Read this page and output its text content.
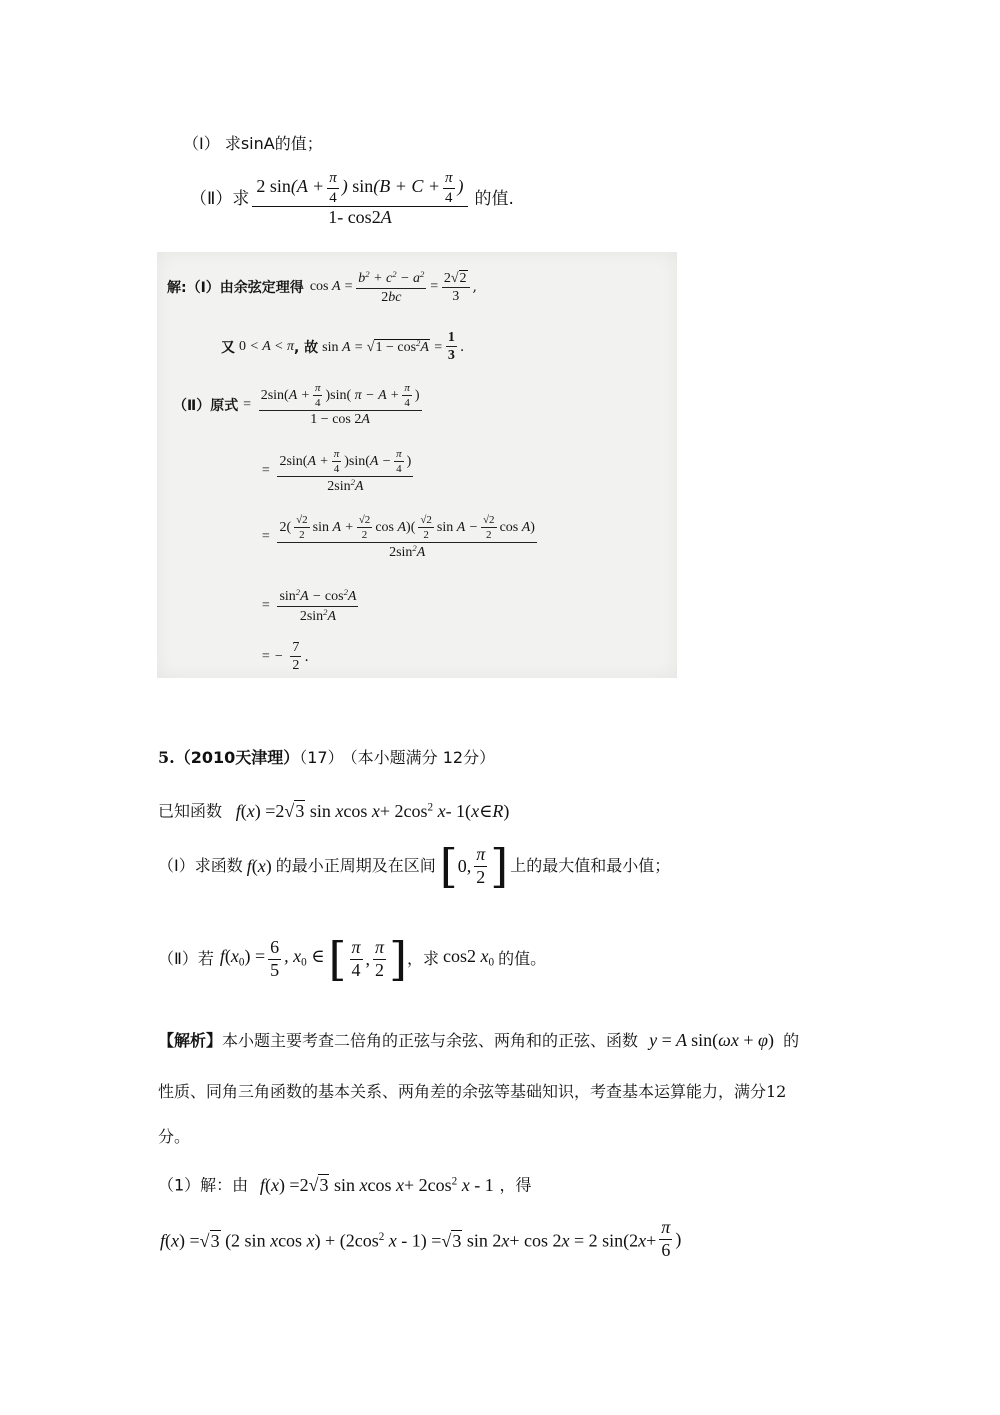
（Ⅰ） 求sinA的值；
（Ⅱ）求 $\frac{2 \sin(A + \frac{\pi}{4} ) \sin(B + C + \frac{\pi}{4} )}{1- \cos 2A}$ 的值.
解:（Ⅰ）由余弦定理得 $\cos A = \frac{b^2 + c^2 - a^2}{2bc} = \frac{2√2}{3}$ ,
又 0 < A < π , 故 $\sin A = √1 - \cos^2A = \frac{1}{3}$ .
（Ⅱ）原式 = $\frac{2\sin(A + \frac{\pi}{4} )\sin( \pi - A + \frac{\pi}{4} )}{1 - \cos 2A}$
= $\frac{2\sin(A + \frac{\pi}{4} )\sin(A - \frac{\pi}{4} )}{2\sin^2A}$
= $\frac{2( \frac{√2}{2} \sin A + \frac{√2}{2} \cos A)( \frac{√2}{2} \sin A - \frac{√2}{2} \cos A)}{2\sin^2A}$
= $\frac{\sin^2A - \cos^2A}{2\sin^2A}$
= − $\frac{7}{2}$ .
5.（2010天津理）（17） （本小题满分 12分）
已知函数 f(x) =2√3 sin xcos $x+ 2\cos^2$ x- 1(x∈R)
（Ⅰ）求函数 f(x) 的最小正周期及在区间 [ 0, $\frac{\pi}{2}$ ] 上的最大值和最小值；
（Ⅱ）若 $f(x_0) = \frac{6}{5}$ , $x_0$ ∈ [ $\frac{\pi}{4}$ , $\frac{\pi}{2}$ ] ，求 cos2 $x_0$ 的值。
【解析】本小题主要考查二倍角的正弦与余弦、两角和的正弦、函数 y = A sin(ωx + φ) 的
性质、同角三角函数的基本关系、两角差的余弦等基础知识，考查基本运算能力，满分12
分。
（1）解：由 f(x) =2√3 sin xcos $x+ 2\cos^2$ x - 1 ，得
f(x) =√3 (2 sin xcos $x) + (2\cos^2$ x - 1) =√3 sin 2x+ cos 2x = 2 $\sin(2x+ \frac{\pi}{6}$ )
